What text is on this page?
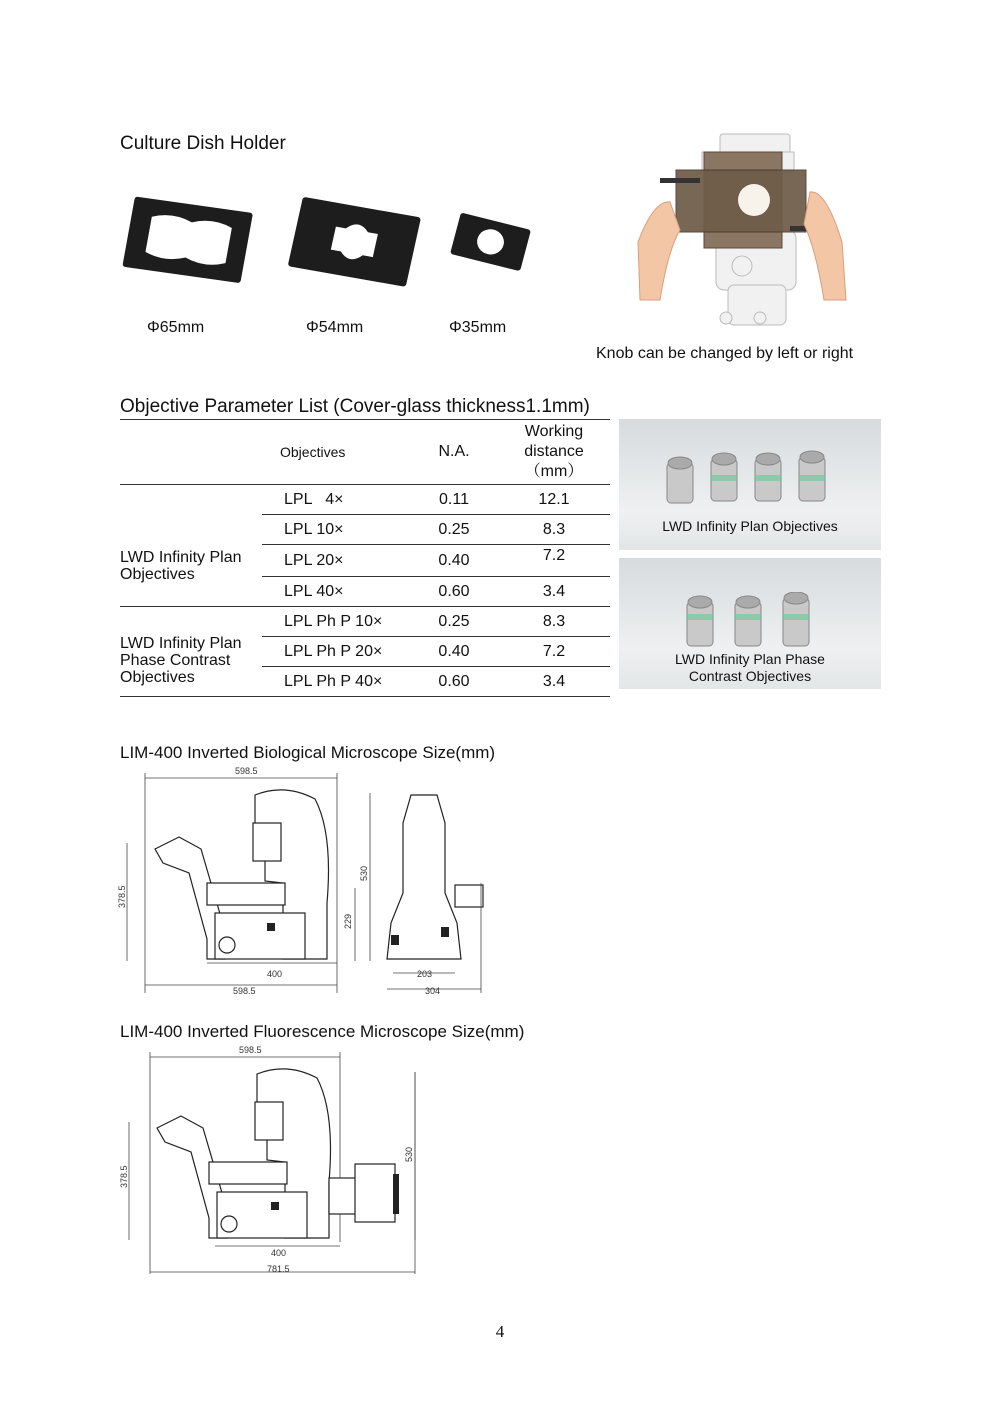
Culture Dish Holder
Φ65mm	Φ54mm	Φ35mm
Knob can be changed by left or right
Objective Parameter List (Cover-glass thickness1.1mm)
	Objectives	N.A.	Working
distance
（mm）

LWD Infinity Plan Objectives	LPL   4×	0.11	12.1
	LPL 10×	0.25	8.3
	LPL 20×	0.40	7.2
	LPL 40×	0.60	3.4
LWD Infinity Plan Phase Contrast Objectives	LPL Ph P 10×	0.25	8.3
	LPL Ph P 20×	0.40	7.2
	LPL Ph P 40×	0.60	3.4
LWD Infinity Plan Objectives
LWD Infinity Plan Phase
Contrast Objectives
LIM-400 Inverted Biological Microscope Size(mm)
598.5
378.5
530
229
400
598.5
203
304
LIM-400 Inverted Fluorescence Microscope Size(mm)
598.5
378.5
530
400
781.5
4
